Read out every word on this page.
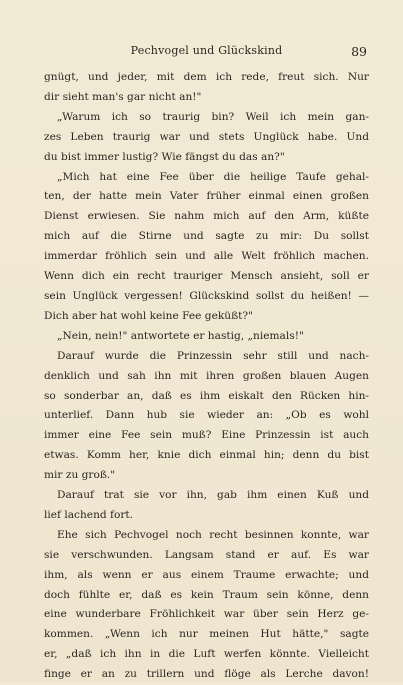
Pechvogel und Glückskind	89
gnügt, und jeder, mit dem ich rede, freut sich. Nur
dir sieht man's gar nicht an!"
„Warum ich so traurig bin? Weil ich mein gan-
zes Leben traurig war und stets Unglück habe. Und
du bist immer lustig? Wie fängst du das an?"
„Mich hat eine Fee über die heilige Taufe gehal-
ten, der hatte mein Vater früher einmal einen großen
Dienst erwiesen. Sie nahm mich auf den Arm, küßte
mich auf die Stirne und sagte zu mir: Du sollst
immerdar fröhlich sein und alle Welt fröhlich machen.
Wenn dich ein recht trauriger Mensch ansieht, soll er
sein Unglück vergessen! Glückskind sollst du heißen! —
Dich aber hat wohl keine Fee geküßt?"
„Nein, nein!" antwortete er hastig, „niemals!"
Darauf wurde die Prinzessin sehr still und nach-
denklich und sah ihn mit ihren großen blauen Augen
so sonderbar an, daß es ihm eiskalt den Rücken hin-
unterlief. Dann hub sie wieder an: „Ob es wohl
immer eine Fee sein muß? Eine Prinzessin ist auch
etwas. Komm her, knie dich einmal hin; denn du bist
mir zu groß."
Darauf trat sie vor ihn, gab ihm einen Kuß und
lief lachend fort.
Ehe sich Pechvogel noch recht besinnen konnte, war
sie verschwunden. Langsam stand er auf. Es war
ihm, als wenn er aus einem Traume erwachte; und
doch fühlte er, daß es kein Traum sein könne, denn
eine wunderbare Fröhlichkeit war über sein Herz ge-
kommen. „Wenn ich nur meinen Hut hätte," sagte
er, „daß ich ihn in die Luft werfen könnte. Vielleicht
finge er an zu trillern und flöge als Lerche davon!
